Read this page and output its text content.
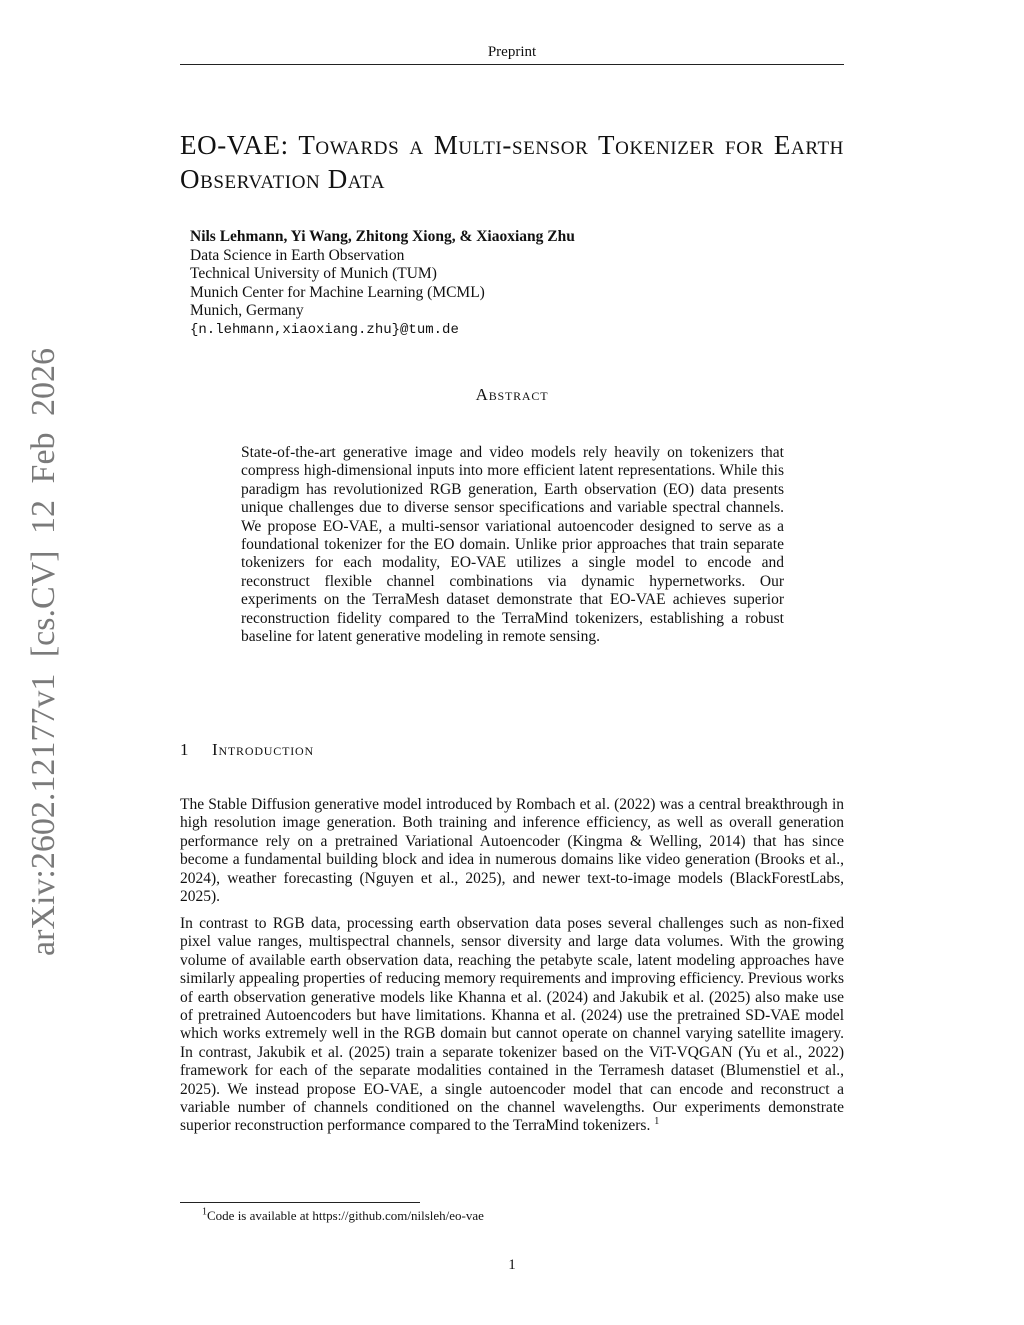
Preprint
arXiv:2602.12177v1 [cs.CV] 12 Feb 2026
EO-VAE: Towards a Multi-sensor Tokenizer for Earth Observation Data
Nils Lehmann, Yi Wang, Zhitong Xiong, & Xiaoxiang Zhu
Data Science in Earth Observation
Technical University of Munich (TUM)
Munich Center for Machine Learning (MCML)
Munich, Germany
{n.lehmann,xiaoxiang.zhu}@tum.de
Abstract

State-of-the-art generative image and video models rely heavily on tokenizers that compress high-dimensional inputs into more efficient latent representations. While this paradigm has revolutionized RGB generation, Earth observation (EO) data presents unique challenges due to diverse sensor specifications and variable spectral channels. We propose EO-VAE, a multi-sensor variational autoencoder designed to serve as a foundational tokenizer for the EO domain. Unlike prior approaches that train separate tokenizers for each modality, EO-VAE utilizes a single model to encode and reconstruct flexible channel combinations via dynamic hypernetworks. Our experiments on the TerraMesh dataset demonstrate that EO-VAE achieves superior reconstruction fidelity compared to the TerraMind tokenizers, establishing a robust baseline for latent generative modeling in remote sensing.

1 Introduction

The Stable Diffusion generative model introduced by Rombach et al. (2022) was a central breakthrough in high resolution image generation. Both training and inference efficiency, as well as overall generation performance rely on a pretrained Variational Autoencoder (Kingma & Welling, 2014) that has since become a fundamental building block and idea in numerous domains like video generation (Brooks et al., 2024), weather forecasting (Nguyen et al., 2025), and newer text-to-image models (BlackForestLabs, 2025).

In contrast to RGB data, processing earth observation data poses several challenges such as non-fixed pixel value ranges, multispectral channels, sensor diversity and large data volumes. With the growing volume of available earth observation data, reaching the petabyte scale, latent modeling approaches have similarly appealing properties of reducing memory requirements and improving efficiency. Previous works of earth observation generative models like Khanna et al. (2024) and Jakubik et al. (2025) also make use of pretrained Autoencoders but have limitations. Khanna et al. (2024) use the pretrained SD-VAE model which works extremely well in the RGB domain but cannot operate on channel varying satellite imagery. In contrast, Jakubik et al. (2025) train a separate tokenizer based on the ViT-VQGAN (Yu et al., 2022) framework for each of the separate modalities contained in the Terramesh dataset (Blumenstiel et al., 2025). We instead propose EO-VAE, a single autoencoder model that can encode and reconstruct a variable number of channels conditioned on the channel wavelengths. Our experiments demonstrate superior reconstruction performance compared to the TerraMind tokenizers. $^1$

$^1$Code is available at https://github.com/nilsleh/eo-vae
1
